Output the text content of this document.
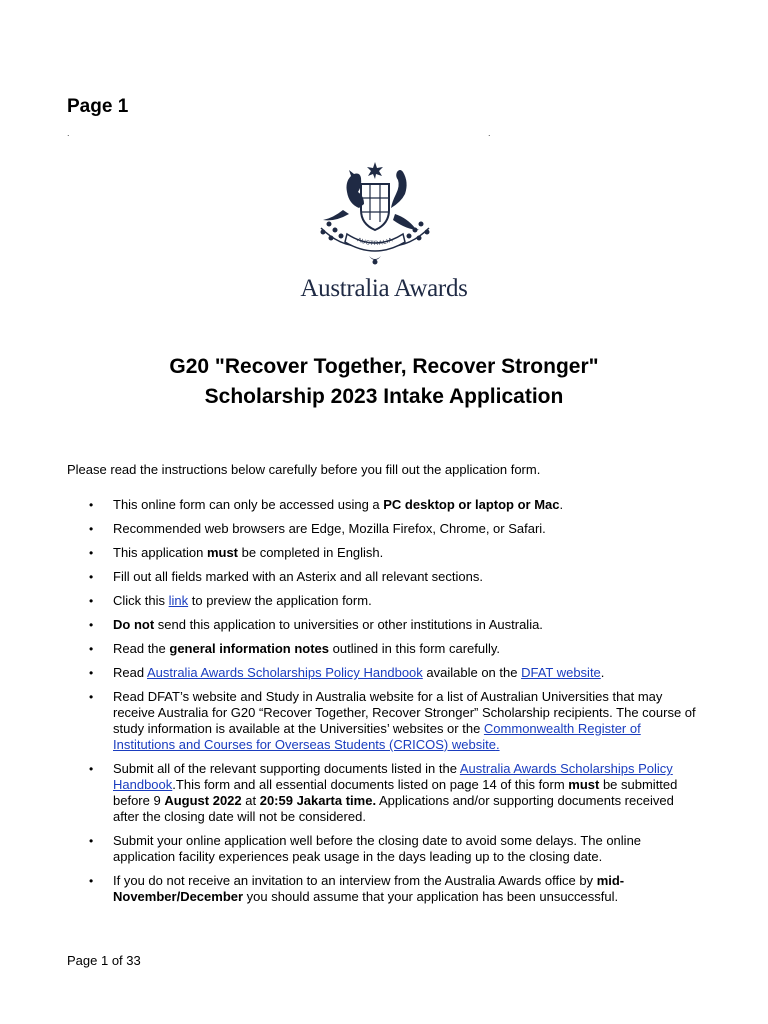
Page 1
.	.
AUSTRALIA
Australia Awards
G20 "Recover Together, Recover Stronger"
Scholarship 2023 Intake Application

Please read the instructions below carefully before you fill out the application form.

• This online form can only be accessed using a PC desktop or laptop or Mac.
• Recommended web browsers are Edge, Mozilla Firefox, Chrome, or Safari.
• This application must be completed in English.
• Fill out all fields marked with an Asterix and all relevant sections.
• Click this link to preview the application form.
• Do not send this application to universities or other institutions in Australia.
• Read the general information notes outlined in this form carefully.
• Read Australia Awards Scholarships Policy Handbook available on the DFAT website.
• Read DFAT’s website and Study in Australia website for a list of Australian Universities that may receive Australia for G20 “Recover Together, Recover Stronger” Scholarship recipients. The course of study information is available at the Universities’ websites or the Commonwealth Register of Institutions and Courses for Overseas Students (CRICOS) website.
• Submit all of the relevant supporting documents listed in the Australia Awards Scholarships Policy Handbook.This form and all essential documents listed on page 14 of this form must be submitted before 9 August 2022 at 20:59 Jakarta time. Applications and/or supporting documents received after the closing date will not be considered.
• Submit your online application well before the closing date to avoid some delays. The online application facility experiences peak usage in the days leading up to the closing date.
• If you do not receive an invitation to an interview from the Australia Awards office by mid-November/December you should assume that your application has been unsuccessful.

Page 1 of 33
